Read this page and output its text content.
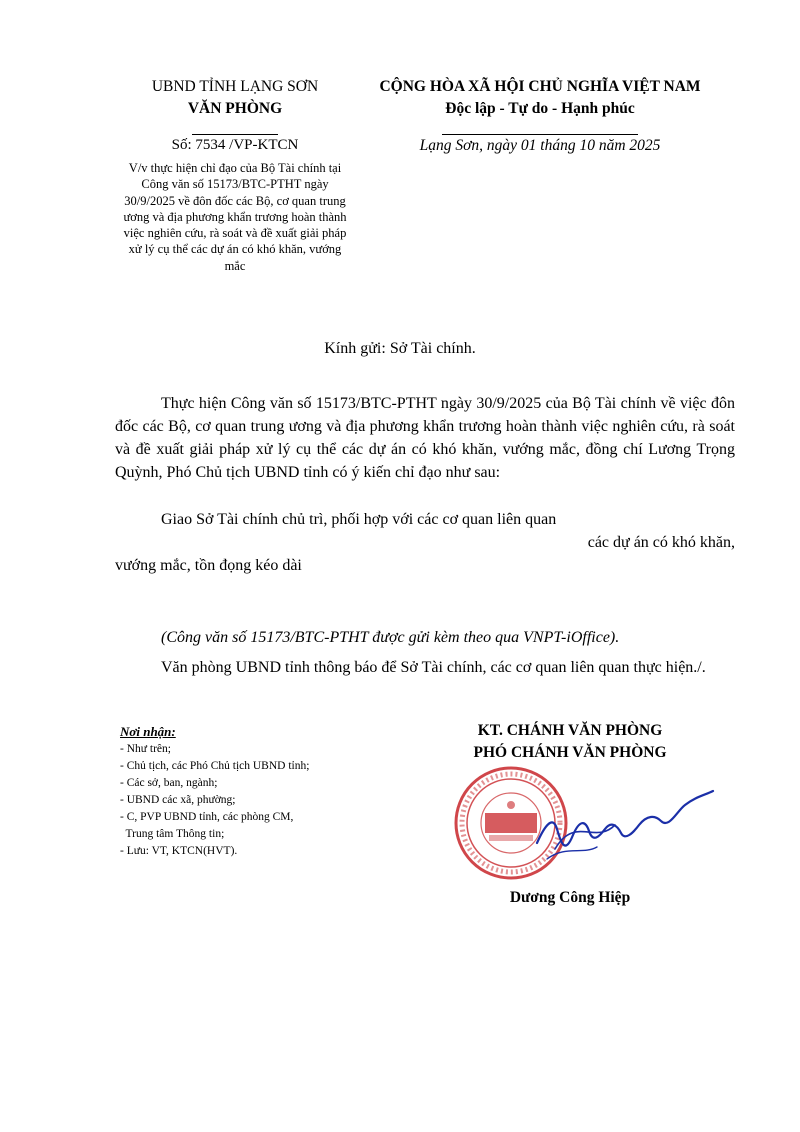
UBND TỈNH LẠNG SƠN
VĂN PHÒNG
CỘNG HÒA XÃ HỘI CHỦ NGHĨA VIỆT NAM
Độc lập - Tự do - Hạnh phúc
Số: 7534 /VP-KTCN	Lạng Sơn, ngày 01 tháng 10 năm 2025
V/v thực hiện chỉ đạo của Bộ Tài chính tại Công văn số 15173/BTC-PTHT ngày 30/9/2025 về đôn đốc các Bộ, cơ quan trung ương và địa phương khẩn trương hoàn thành việc nghiên cứu, rà soát và đề xuất giải pháp xử lý cụ thể các dự án có khó khăn, vướng mắc
Kính gửi: Sở Tài chính.
Thực hiện Công văn số 15173/BTC-PTHT ngày 30/9/2025 của Bộ Tài chính về việc đôn đốc các Bộ, cơ quan trung ương và địa phương khẩn trương hoàn thành việc nghiên cứu, rà soát và đề xuất giải pháp xử lý cụ thể các dự án có khó khăn, vướng mắc, đồng chí Lương Trọng Quỳnh, Phó Chủ tịch UBND tỉnh có ý kiến chỉ đạo như sau:
Giao Sở Tài chính chủ trì, phối hợp với các cơ quan liên quan
các dự án có khó khăn,
vướng mắc, tồn đọng kéo dài
(Công văn số 15173/BTC-PTHT được gửi kèm theo qua VNPT-iOffice).
Văn phòng UBND tỉnh thông báo để Sở Tài chính, các cơ quan liên quan thực hiện./.
Nơi nhận:
- Như trên;
- Chủ tịch, các Phó Chủ tịch UBND tỉnh;
- Các sở, ban, ngành;
- UBND các xã, phường;
- C, PVP UBND tỉnh, các phòng CM,
Trung tâm Thông tin;
- Lưu: VT, KTCN(HVT).
KT. CHÁNH VĂN PHÒNG
PHÓ CHÁNH VĂN PHÒNG
Dương Công Hiệp
